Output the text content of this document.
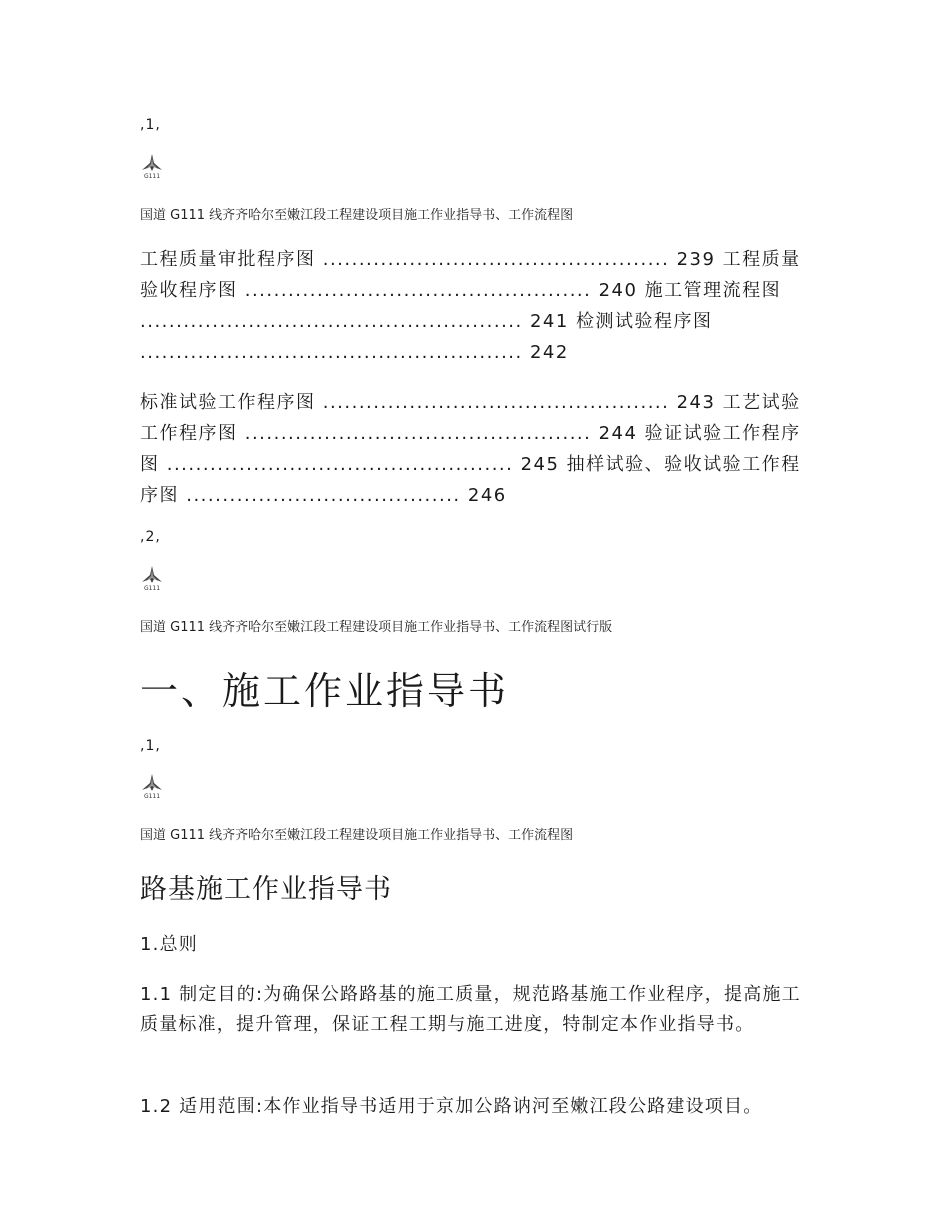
,1,
G111
国道 G111 线齐齐哈尔至嫩江段工程建设项目施工作业指导书、工作流程图
工程质量审批程序图 ................................................ 239 工程质量验收程序图 ................................................ 240 施工管理流程图 ..................................................... 241 检测试验程序图 ..................................................... 242
标准试验工作程序图 ................................................ 243 工艺试验工作程序图 ................................................ 244 验证试验工作程序图 ................................................ 245 抽样试验、验收试验工作程序图 ...................................... 246
,2,
G111
国道 G111 线齐齐哈尔至嫩江段工程建设项目施工作业指导书、工作流程图试行版
一、施工作业指导书
,1,
G111
国道 G111 线齐齐哈尔至嫩江段工程建设项目施工作业指导书、工作流程图
路基施工作业指导书
1.总则
1.1 制定目的:为确保公路路基的施工质量，规范路基施工作业程序，提高施工质量标准，提升管理，保证工程工期与施工进度，特制定本作业指导书。
1.2 适用范围:本作业指导书适用于京加公路讷河至嫩江段公路建设项目。
